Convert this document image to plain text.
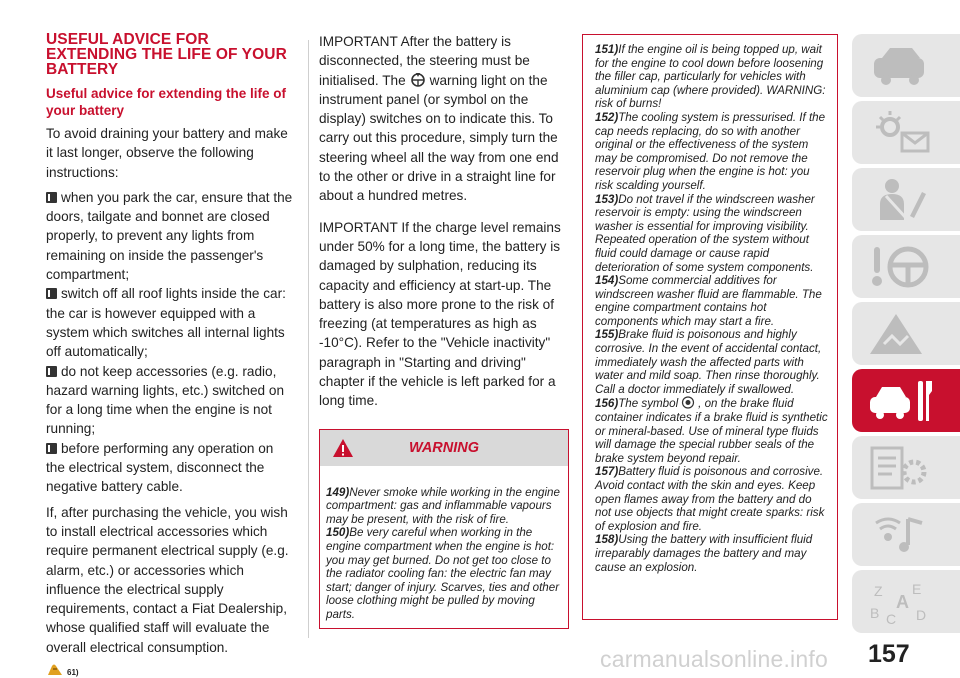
USEFUL ADVICE FOR EXTENDING THE LIFE OF YOUR BATTERY
Useful advice for extending the life of your battery

To avoid draining your battery and make it last longer, observe the following instructions:

when you park the car, ensure that the doors, tailgate and bonnet are closed properly, to prevent any lights from remaining on inside the passenger's compartment;

switch off all roof lights inside the car: the car is however equipped with a system which switches all internal lights off automatically;

do not keep accessories (e.g. radio, hazard warning lights, etc.) switched on for a long time when the engine is not running;

before performing any operation on the electrical system, disconnect the negative battery cable.

If, after purchasing the vehicle, you wish to install electrical accessories which require permanent electrical supply (e.g. alarm, etc.) or accessories which influence the electrical supply requirements, contact a Fiat Dealership, whose qualified staff will evaluate the overall electrical consumption.

61)

IMPORTANT After the battery is disconnected, the steering must be initialised. The warning light on the instrument panel (or symbol on the display) switches on to indicate this. To carry out this procedure, simply turn the steering wheel all the way from one end to the other or drive in a straight line for about a hundred metres.

IMPORTANT If the charge level remains under 50% for a long time, the battery is damaged by sulphation, reducing its capacity and efficiency at start-up. The battery is also more prone to the risk of freezing (at temperatures as high as -10°C). Refer to the "Vehicle inactivity" paragraph in "Starting and driving" chapter if the vehicle is left parked for a long time.

WARNING

149)Never smoke while working in the engine compartment: gas and inflammable vapours may be present, with the risk of fire.

150)Be very careful when working in the engine compartment when the engine is hot: you may get burned. Do not get too close to the radiator cooling fan: the electric fan may start; danger of injury. Scarves, ties and other loose clothing might be pulled by moving parts.

151)If the engine oil is being topped up, wait for the engine to cool down before loosening the filler cap, particularly for vehicles with aluminium cap (where provided). WARNING: risk of burns!

152)The cooling system is pressurised. If the cap needs replacing, do so with another original or the effectiveness of the system may be compromised. Do not remove the reservoir plug when the engine is hot: you risk scalding yourself.

153)Do not travel if the windscreen washer reservoir is empty: using the windscreen washer is essential for improving visibility. Repeated operation of the system without fluid could damage or cause rapid deterioration of some system components.

154)Some commercial additives for windscreen washer fluid are flammable. The engine compartment contains hot components which may start a fire.

155)Brake fluid is poisonous and highly corrosive. In the event of accidental contact, immediately wash the affected parts with water and mild soap. Then rinse thoroughly. Call a doctor immediately if swallowed.

156)The symbol , on the brake fluid container indicates if a brake fluid is synthetic or mineral-based. Use of mineral type fluids will damage the special rubber seals of the brake system beyond repair.

157)Battery fluid is poisonous and corrosive. Avoid contact with the skin and eyes. Keep open flames away from the battery and do not use objects that might create sparks: risk of explosion and fire.

158)Using the battery with insufficient fluid irreparably damages the battery and may cause an explosion.

Z E
A
B C D
carmanualsonline.info 157
